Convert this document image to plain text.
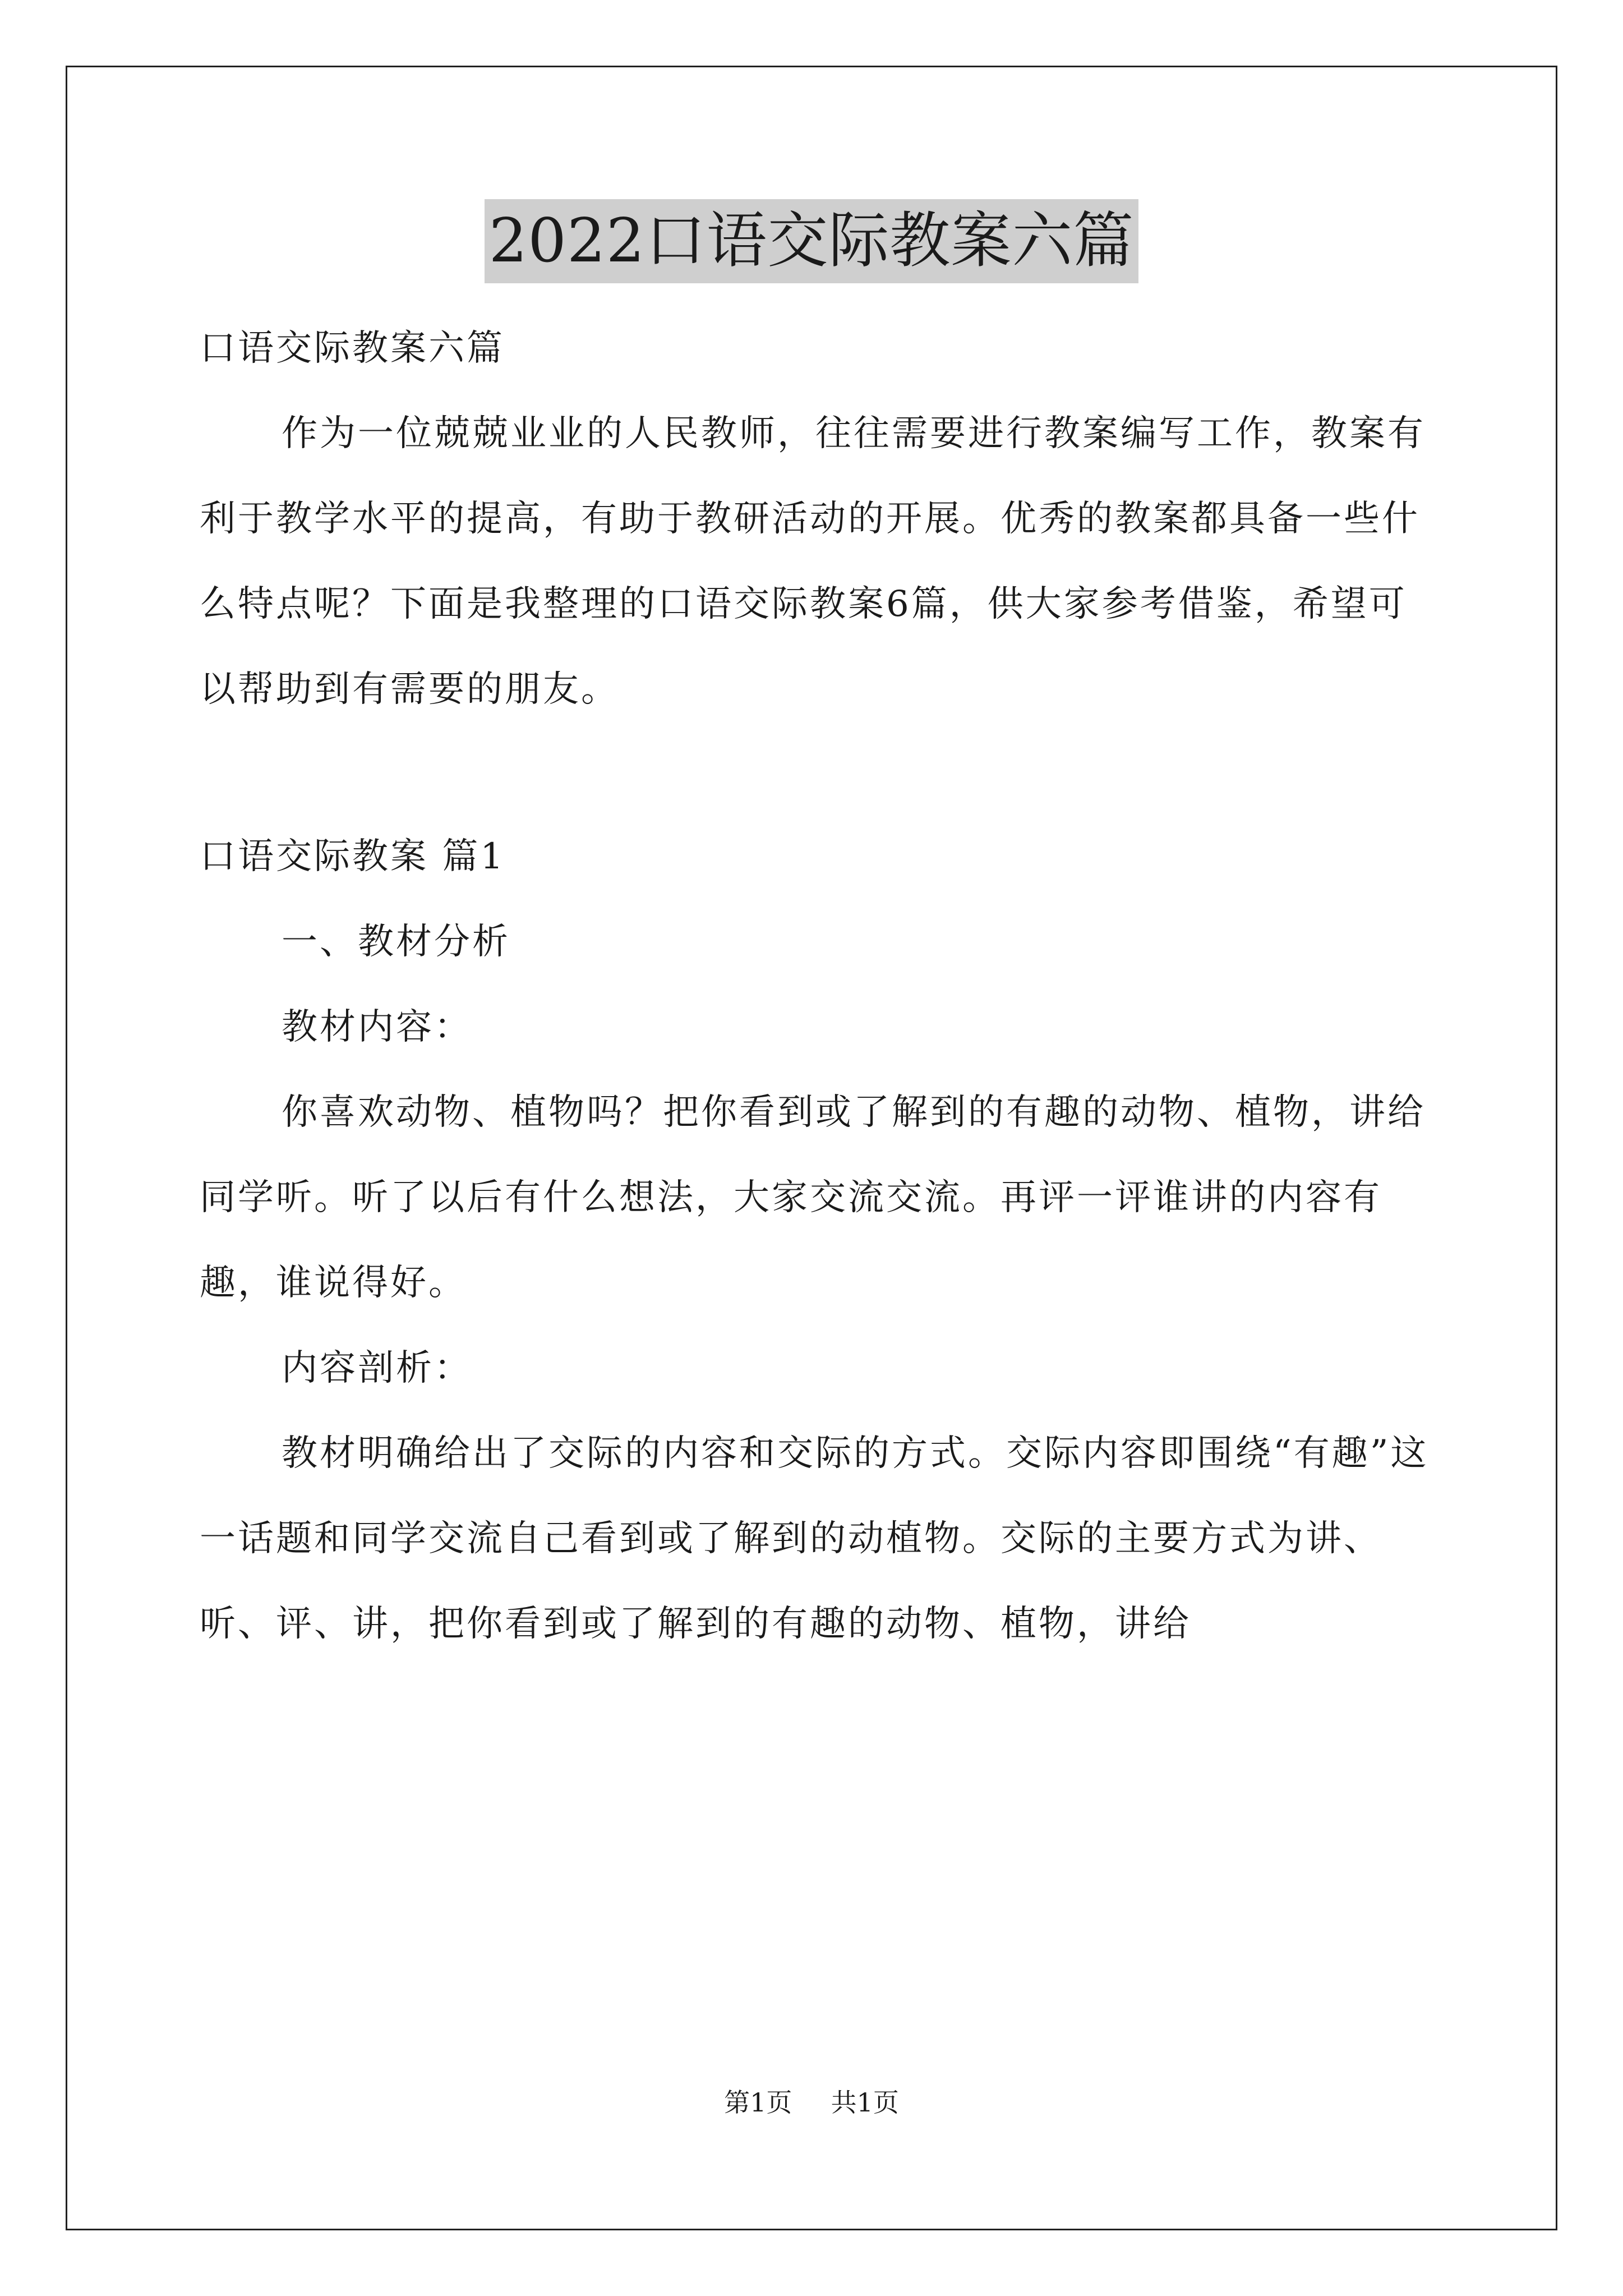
2022口语交际教案六篇

口语交际教案六篇

作为一位兢兢业业的人民教师，往往需要进行教案编写工作，教案有利于教学水平的提高，有助于教研活动的开展。优秀的教案都具备一些什么特点呢？下面是我整理的口语交际教案6篇，供大家参考借鉴，希望可以帮助到有需要的朋友。

口语交际教案 篇1

一、教材分析

教材内容：

你喜欢动物、植物吗？把你看到或了解到的有趣的动物、植物，讲给同学听。听了以后有什么想法，大家交流交流。再评一评谁讲的内容有趣，谁说得好。

内容剖析：

教材明确给出了交际的内容和交际的方式。交际内容即围绕“有趣”这一话题和同学交流自己看到或了解到的动植物。交际的主要方式为讲、听、评、讲，把你看到或了解到的有趣的动物、植物，讲给

第1页 共1页
